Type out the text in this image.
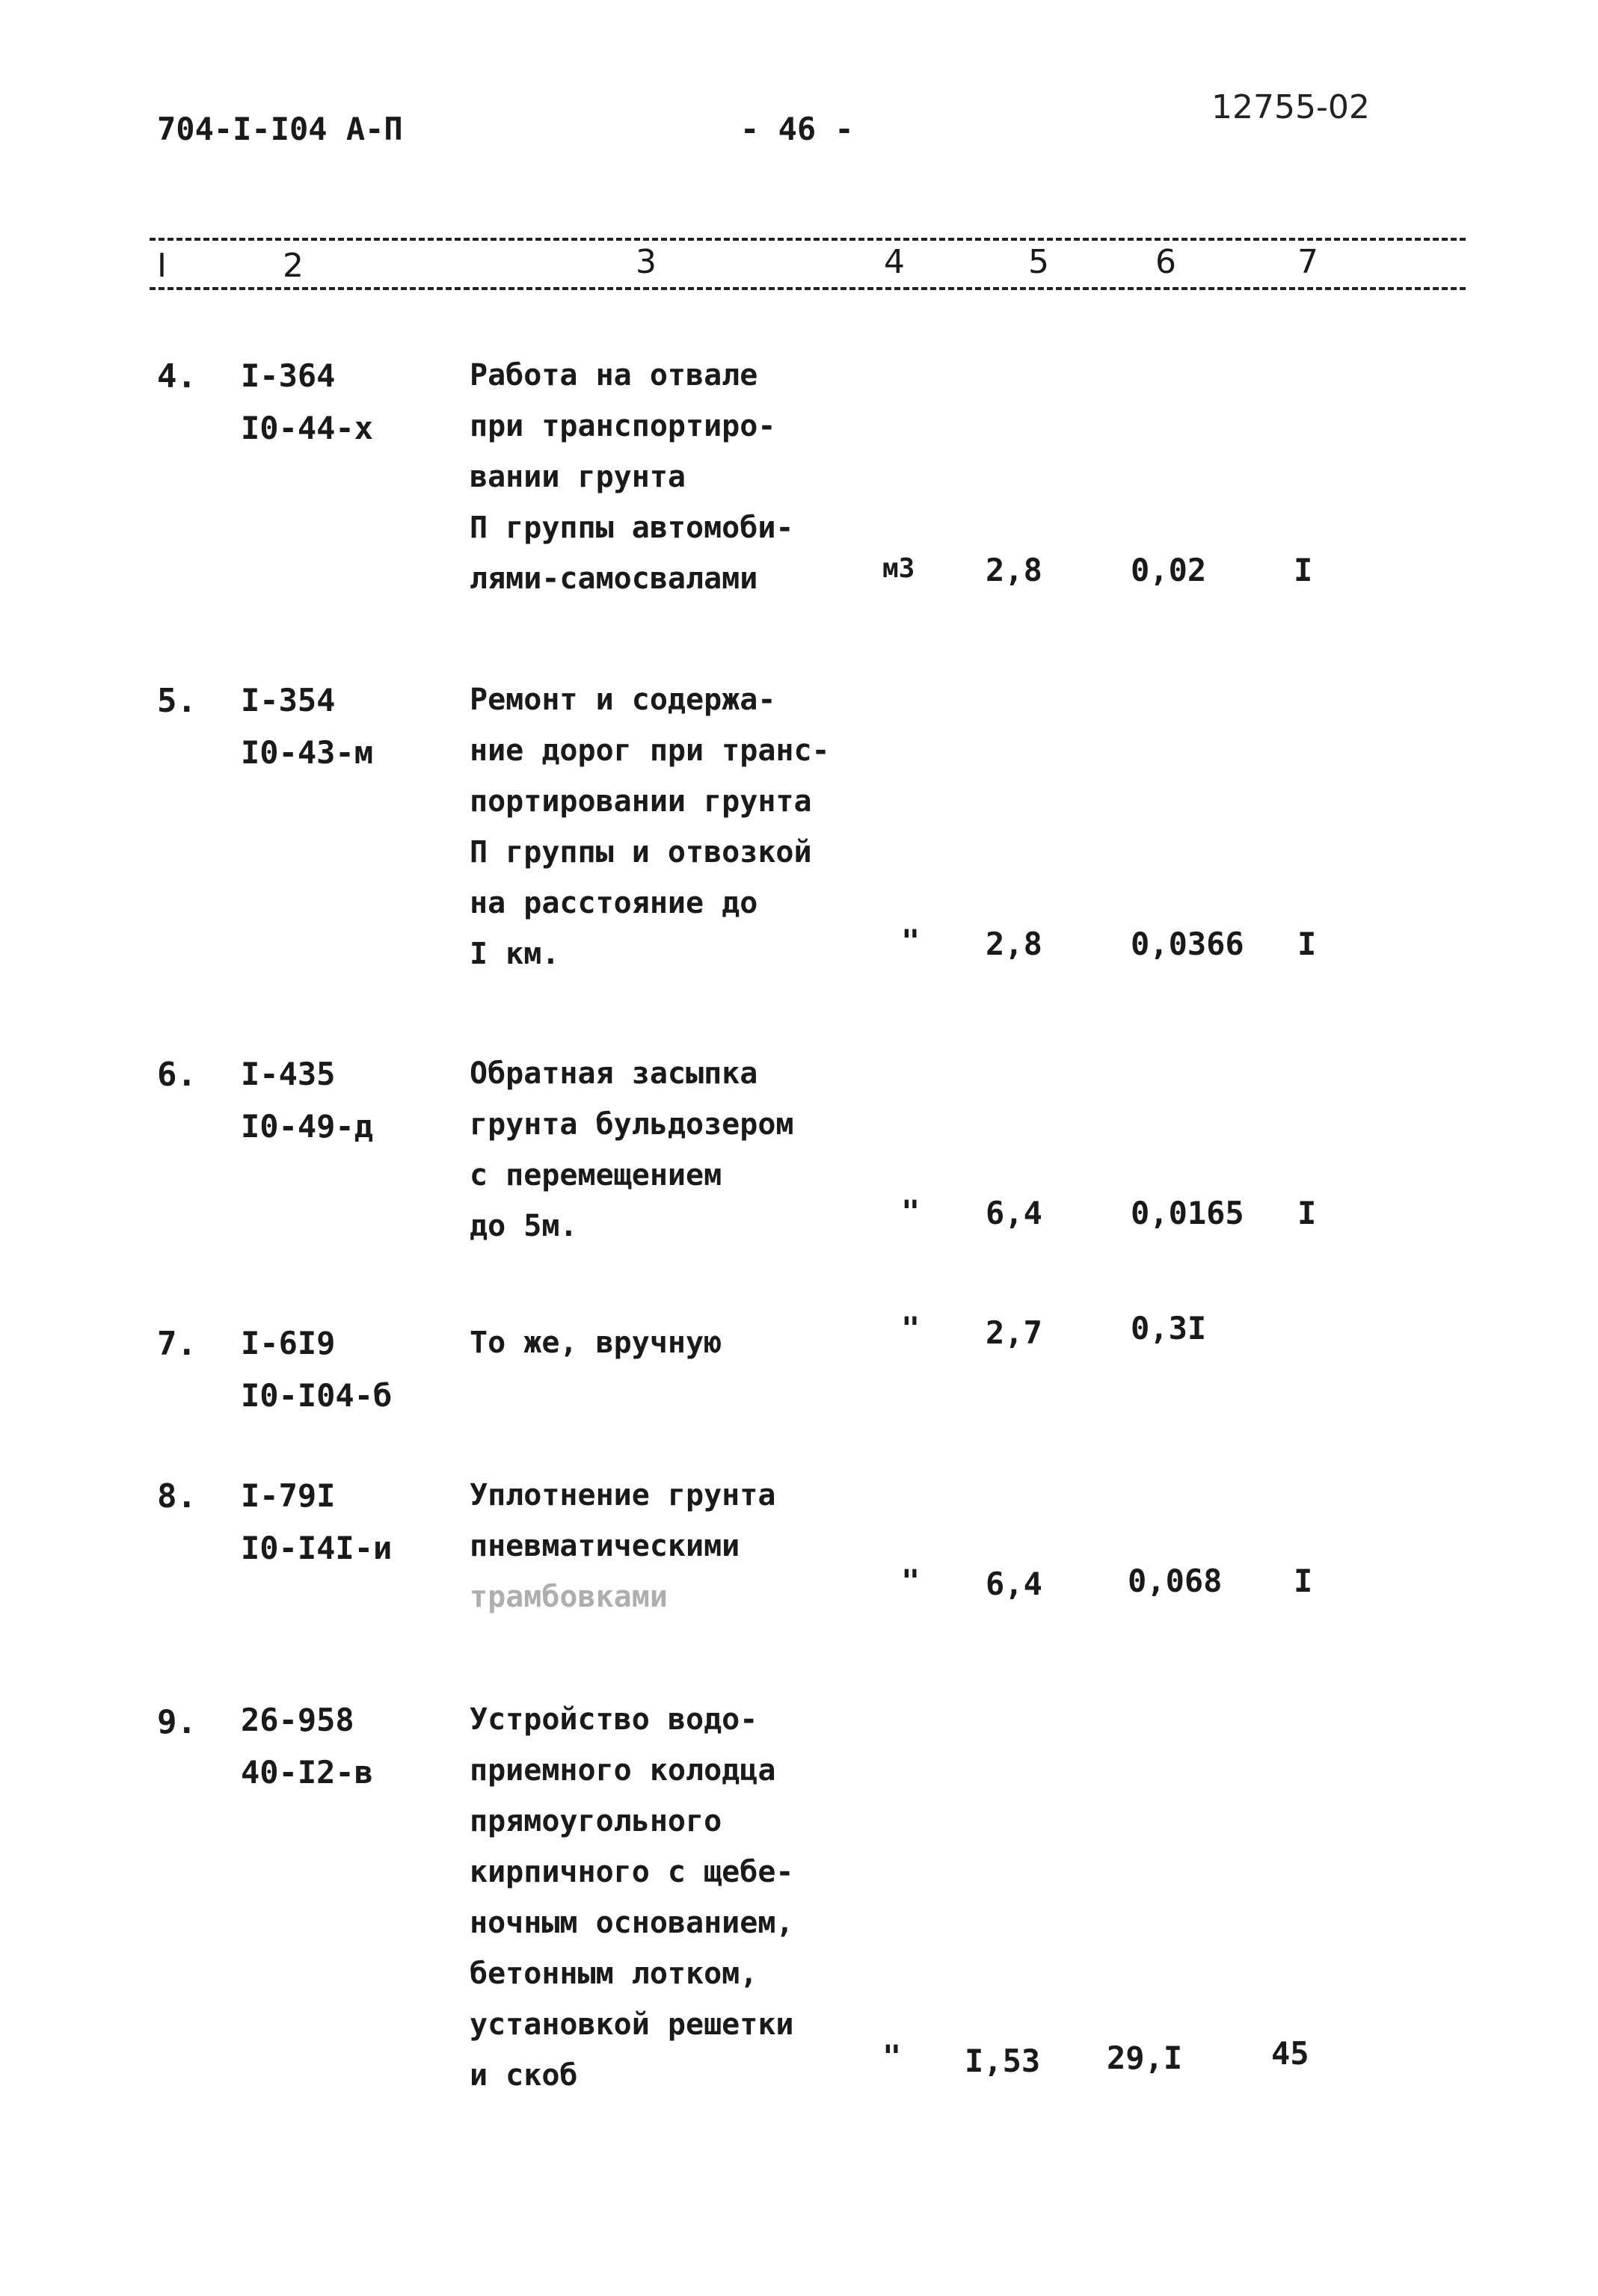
704-I-I04 А-П	- 46 -
12755-02
I	2	3	4	5	6	7
4. I-364
I0-44-х
Работа на отвале
при транспортиро-
вании грунта
П группы автомоби-
лями-самосвалами	м3 2,8	0,02	I
5. I-354
I0-43-м
Ремонт и содержа-
ние дорог при транс-
портировании грунта
П группы и отвозкой
на расстояние до
I км.	" 2,8	0,0366 I
6. I-435
I0-49-д
Обратная засыпка
грунта бульдозером
с перемещением
до 5м.	" 6,4	0,0165 I
7. I-6I9
I0-I04-б
То же, вручную	" 2,7	0,3I
8. I-79I
I0-I4I-и
Уплотнение грунта
пневматическими
трамбовками	" 6,4	0,068 I
9. 26-958
40-I2-в
Устройство водо-
приемного колодца
прямоугольного
кирпичного с щебе-
ночным основанием,
бетонным лотком,
установкой решетки
и скоб
" I,53 29,I	45
